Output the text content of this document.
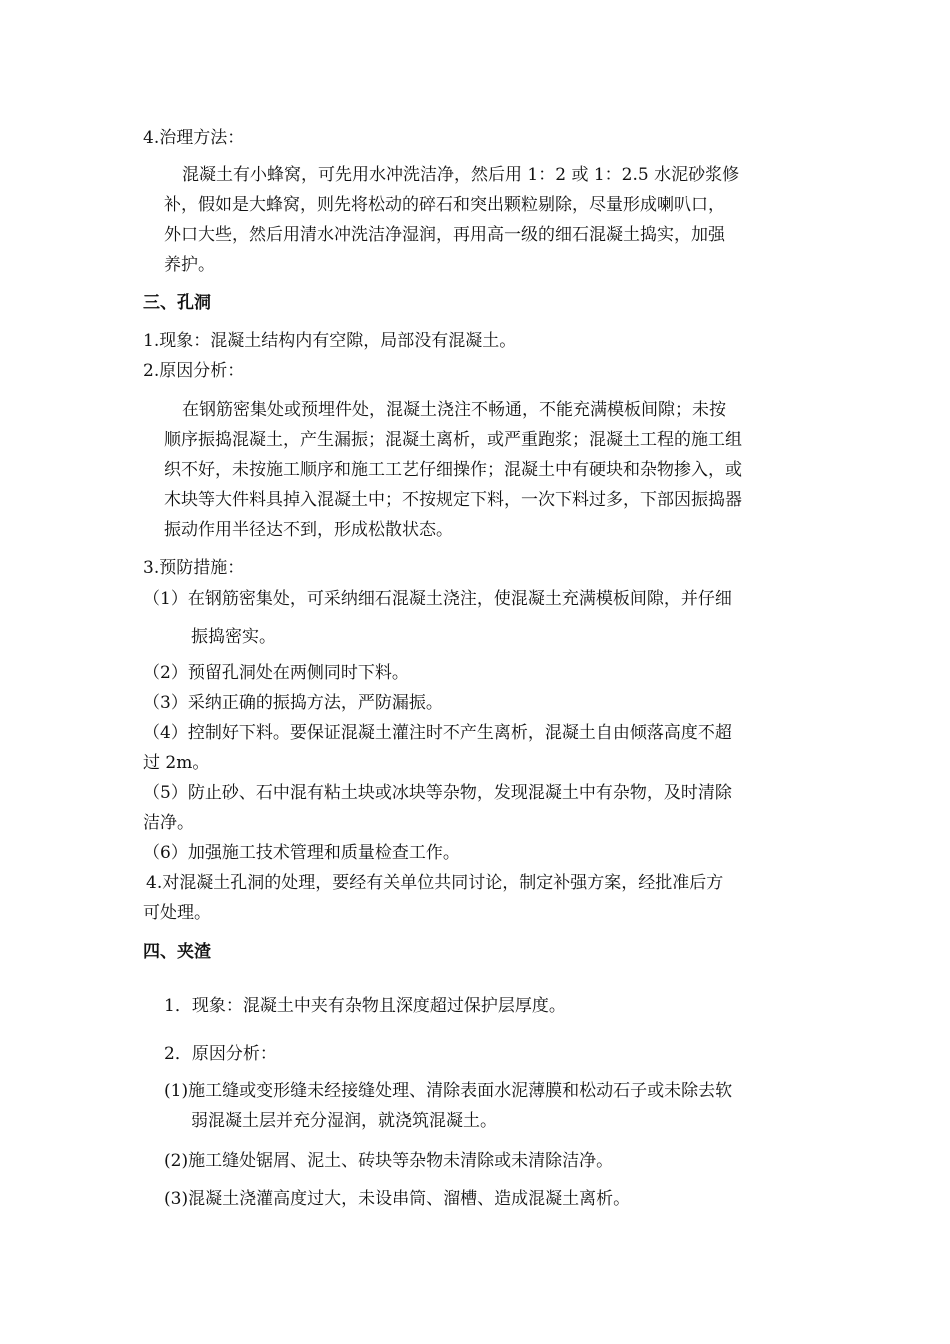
4.治理方法：
混凝土有小蜂窝，可先用水冲洗洁净，然后用 1：2 或 1：2.5 水泥砂浆修
补，假如是大蜂窝，则先将松动的碎石和突出颗粒剔除，尽量形成喇叭口，
外口大些，然后用清水冲洗洁净湿润，再用高一级的细石混凝土捣实，加强
养护。
三、孔洞
1.现象：混凝土结构内有空隙，局部没有混凝土。
2.原因分析：
在钢筋密集处或预埋件处，混凝土浇注不畅通，不能充满模板间隙；未按
顺序振捣混凝土，产生漏振；混凝土离析，或严重跑浆；混凝土工程的施工组
织不好，未按施工顺序和施工工艺仔细操作；混凝土中有硬块和杂物掺入，或
木块等大件料具掉入混凝土中；不按规定下料，一次下料过多，下部因振捣器
振动作用半径达不到，形成松散状态。
3.预防措施：
（1）在钢筋密集处，可采纳细石混凝土浇注，使混凝土充满模板间隙，并仔细
振捣密实。
（2）预留孔洞处在两侧同时下料。
（3）采纳正确的振捣方法，严防漏振。
（4）控制好下料。要保证混凝土灌注时不产生离析，混凝土自由倾落高度不超
过 2m。
（5）防止砂、石中混有粘土块或冰块等杂物，发现混凝土中有杂物，及时清除
洁净。
（6）加强施工技术管理和质量检查工作。
4.对混凝土孔洞的处理，要经有关单位共同讨论，制定补强方案，经批准后方
可处理。
四、夹渣
1．现象：混凝土中夹有杂物且深度超过保护层厚度。
2．原因分析：
(1)施工缝或变形缝未经接缝处理、清除表面水泥薄膜和松动石子或未除去软
弱混凝土层并充分湿润，就浇筑混凝土。
(2)施工缝处锯屑、泥土、砖块等杂物未清除或未清除洁净。
(3)混凝土浇灌高度过大，未设串筒、溜槽、造成混凝土离析。
